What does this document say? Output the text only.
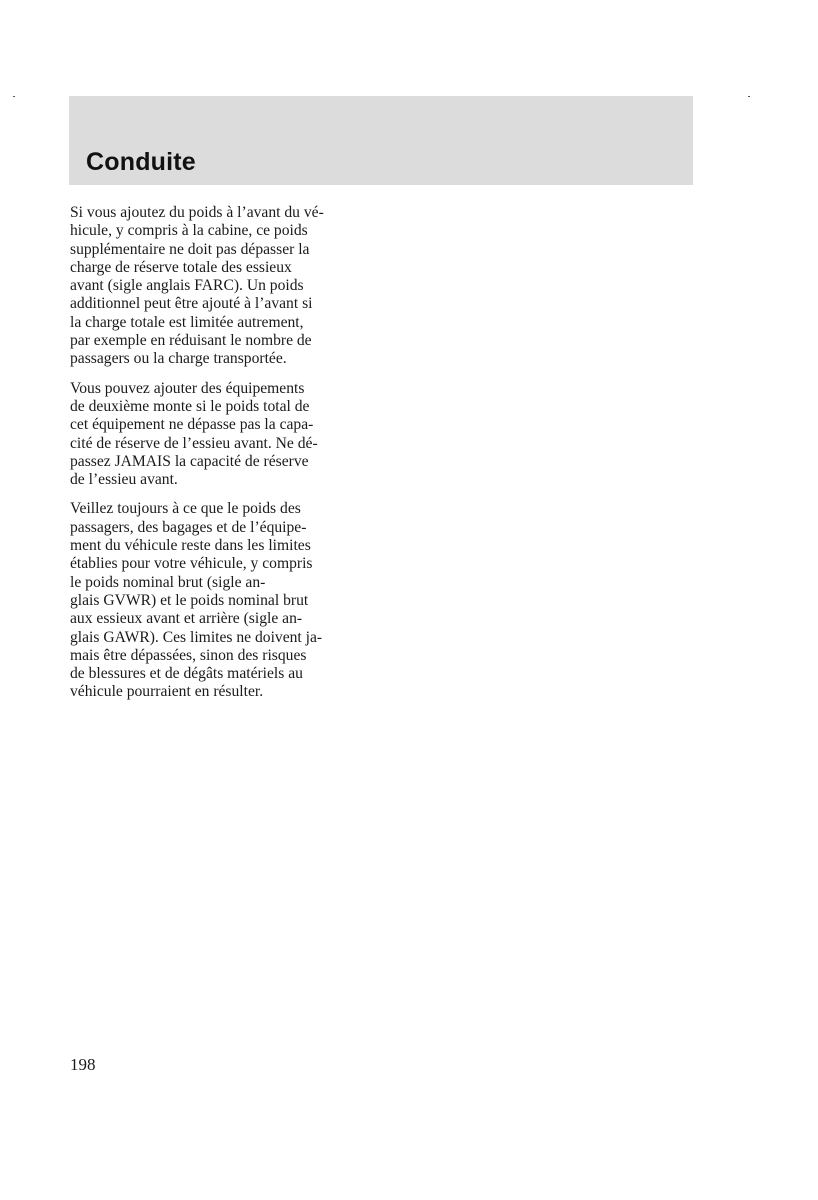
Conduite

Si vous ajoutez du poids à l’avant du vé-
hicule, y compris à la cabine, ce poids
supplémentaire ne doit pas dépasser la
charge de réserve totale des essieux
avant (sigle anglais FARC). Un poids
additionnel peut être ajouté à l’avant si
la charge totale est limitée autrement,
par exemple en réduisant le nombre de
passagers ou la charge transportée.

Vous pouvez ajouter des équipements
de deuxième monte si le poids total de
cet équipement ne dépasse pas la capa-
cité de réserve de l’essieu avant. Ne dé-
passez JAMAIS la capacité de réserve
de l’essieu avant.

Veillez toujours à ce que le poids des
passagers, des bagages et de l’équipe-
ment du véhicule reste dans les limites
établies pour votre véhicule, y compris
le poids nominal brut (sigle an-
glais GVWR) et le poids nominal brut
aux essieux avant et arrière (sigle an-
glais GAWR). Ces limites ne doivent ja-
mais être dépassées, sinon des risques
de blessures et de dégâts matériels au
véhicule pourraient en résulter.

198
